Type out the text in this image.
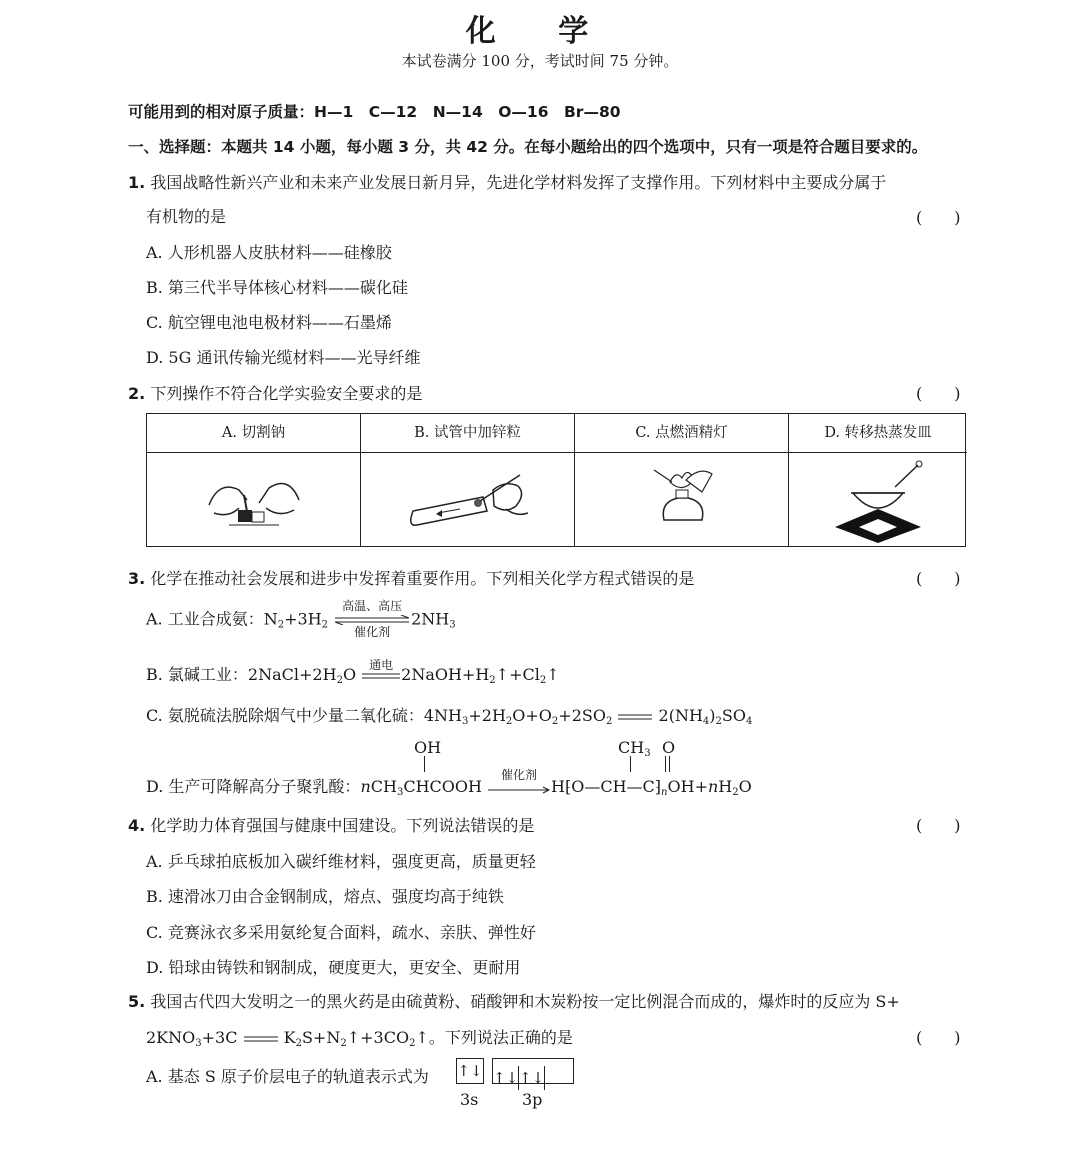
化 学
本试卷满分 100 分，考试时间 75 分钟。
可能用到的相对原子质量：H—1　C—12　N—14　O—16　Br—80
一、选择题：本题共 14 小题，每小题 3 分，共 42 分。在每小题给出的四个选项中，只有一项是符合题目要求的。
1. 我国战略性新兴产业和未来产业发展日新月异，先进化学材料发挥了支撑作用。下列材料中主要成分属于
有机物的是	(　　)
A. 人形机器人皮肤材料——硅橡胶
B. 第三代半导体核心材料——碳化硅
C. 航空锂电池电极材料——石墨烯
D. 5G 通讯传输光缆材料——光导纤维
2. 下列操作不符合化学实验安全要求的是	(　　)
A. 切割钠	B. 试管中加锌粒	C. 点燃酒精灯	D. 转移热蒸发皿
3. 化学在推动社会发展和进步中发挥着重要作用。下列相关化学方程式错误的是	(　　)
A. 工业合成氨：$N_2+3H_2$
高温、高压
催化剂
$2NH_3$
B. 氯碱工业：$2NaCl+2H_2O$
通电
$2NaOH+H_2↑+Cl_2↑$
C. 氨脱硫法脱除烟气中少量二氧化硫：$4NH_3+2H_2O+O_2+2SO_2$	$2(NH_4)_2SO_4$
OH	$CH_3$ O
D. 生产可降解高分子聚乳酸：nCH$_3$CHCOOH
催化剂
$H⁅O—CH—C⁆_nOH+nH_2O$
4. 化学助力体育强国与健康中国建设。下列说法错误的是	(　　)
A. 乒乓球拍底板加入碳纤维材料，强度更高，质量更轻
B. 速滑冰刀由合金钢制成，熔点、强度均高于纯铁
C. 竞赛泳衣多采用氨纶复合面料，疏水、亲肤、弹性好
D. 铅球由铸铁和钢制成，硬度更大，更安全、更耐用
5. 我国古代四大发明之一的黑火药是由硫黄粉、硝酸钾和木炭粉按一定比例混合而成的，爆炸时的反应为 S+
$2KNO_3+3C$  $K_2S+N_2↑+3CO_2↑$。下列说法正确的是	(　　)
A. 基态 S 原子价层电子的轨道表示式为 ↑↓ ↑↓↑↓
3s	3p
